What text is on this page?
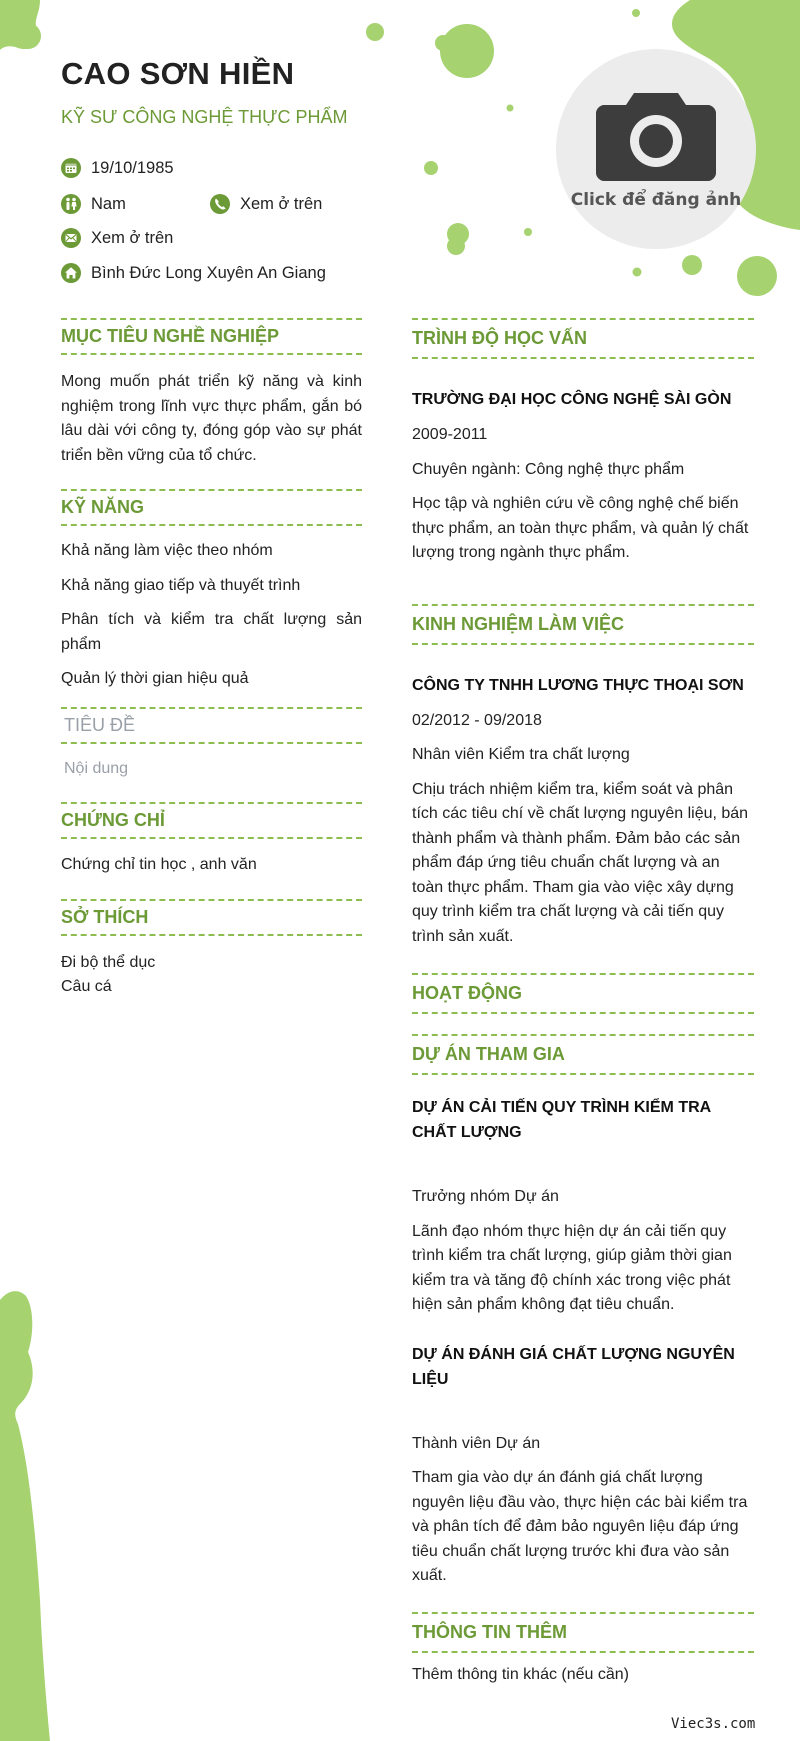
CAO SƠN HIỀN
KỸ SƯ CÔNG NGHỆ THỰC PHẨM
19/10/1985
Nam	Xem ở trên
Xem ở trên
Bình Đức Long Xuyên An Giang
Click để đăng ảnh
MỤC TIÊU NGHỀ NGHIỆP
Mong muốn phát triển kỹ năng và kinh nghiệm trong lĩnh vực thực phẩm, gắn bó lâu dài với công ty, đóng góp vào sự phát triển bền vững của tổ chức.
KỸ NĂNG
Khả năng làm việc theo nhóm
Khả năng giao tiếp và thuyết trình
Phân tích và kiểm tra chất lượng sản phẩm
Quản lý thời gian hiệu quả
TIÊU ĐỀ
Nội dung
CHỨNG CHỈ
Chứng chỉ tin học , anh văn
SỞ THÍCH
Đi bộ thể dục
Câu cá
TRÌNH ĐỘ HỌC VẤN
TRƯỜNG ĐẠI HỌC CÔNG NGHỆ SÀI GÒN
2009-2011
Chuyên ngành: Công nghệ thực phẩm
Học tập và nghiên cứu về công nghệ chế biến thực phẩm, an toàn thực phẩm, và quản lý chất lượng trong ngành thực phẩm.
KINH NGHIỆM LÀM VIỆC
CÔNG TY TNHH LƯƠNG THỰC THOẠI SƠN
02/2012 - 09/2018
Nhân viên Kiểm tra chất lượng
Chịu trách nhiệm kiểm tra, kiểm soát và phân tích các tiêu chí về chất lượng nguyên liệu, bán thành phẩm và thành phẩm. Đảm bảo các sản phẩm đáp ứng tiêu chuẩn chất lượng và an toàn thực phẩm. Tham gia vào việc xây dựng quy trình kiểm tra chất lượng và cải tiến quy trình sản xuất.
HOẠT ĐỘNG
DỰ ÁN THAM GIA
DỰ ÁN CẢI TIẾN QUY TRÌNH KIỂM TRA CHẤT LƯỢNG
Trưởng nhóm Dự án
Lãnh đạo nhóm thực hiện dự án cải tiến quy trình kiểm tra chất lượng, giúp giảm thời gian kiểm tra và tăng độ chính xác trong việc phát hiện sản phẩm không đạt tiêu chuẩn.
DỰ ÁN ĐÁNH GIÁ CHẤT LƯỢNG NGUYÊN LIỆU
Thành viên Dự án
Tham gia vào dự án đánh giá chất lượng nguyên liệu đầu vào, thực hiện các bài kiểm tra và phân tích để đảm bảo nguyên liệu đáp ứng tiêu chuẩn chất lượng trước khi đưa vào sản xuất.
THÔNG TIN THÊM
Thêm thông tin khác (nếu cần)
Viec3s.com
